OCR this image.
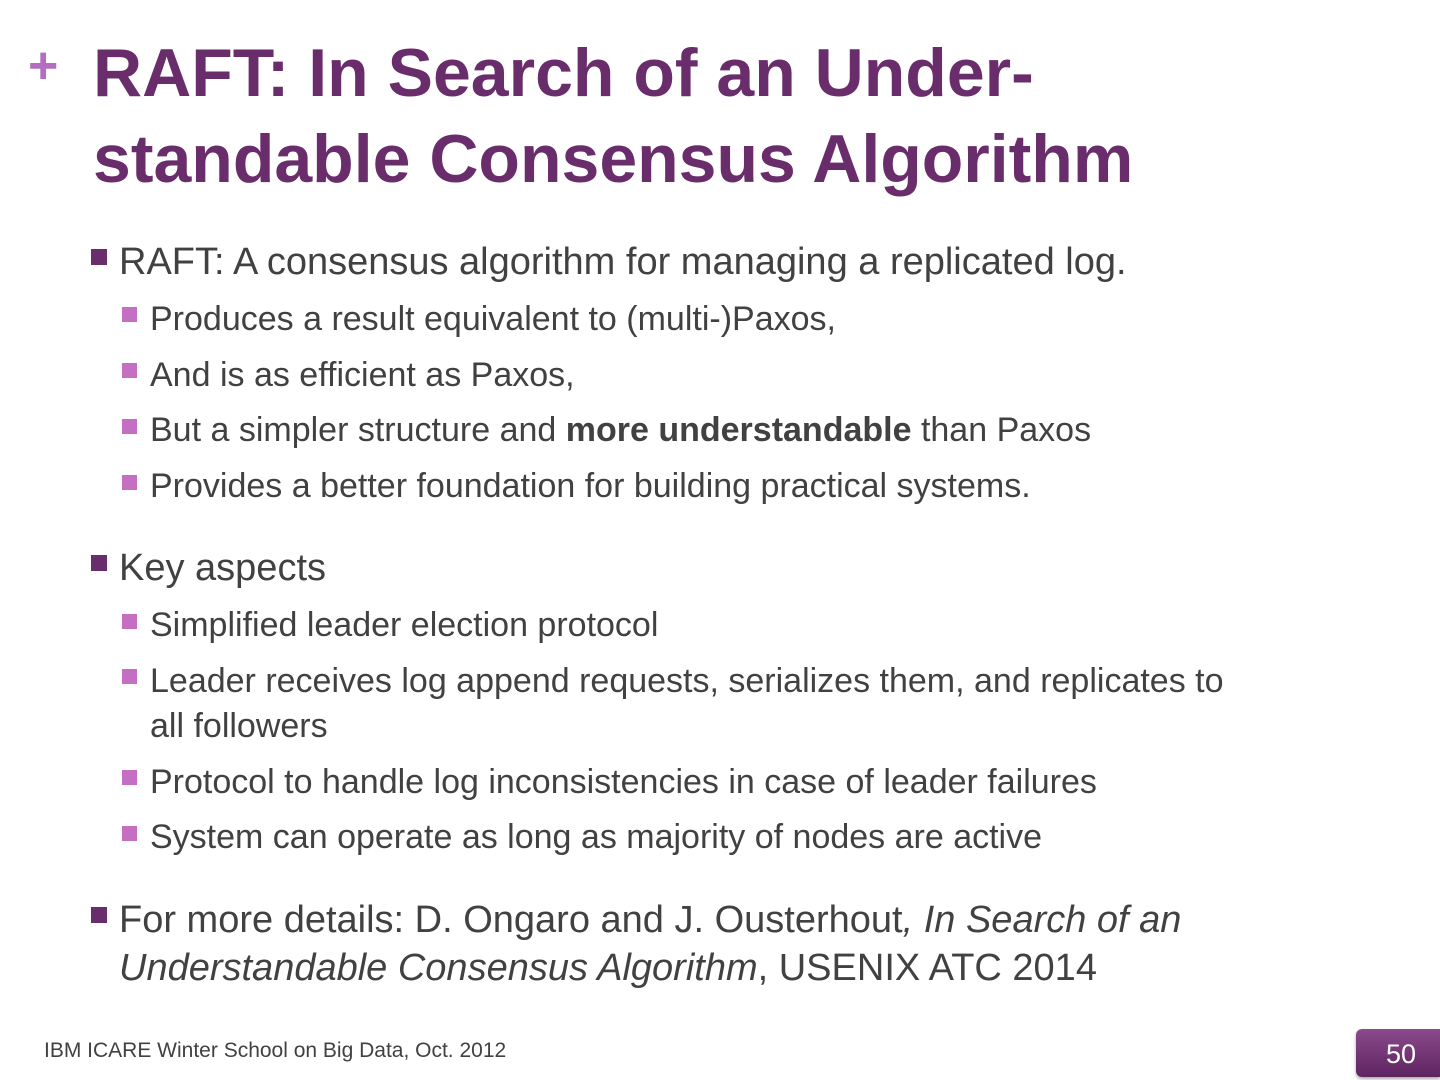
+ RAFT: In Search of an Under-
standable Consensus Algorithm
RAFT: A consensus algorithm for managing a replicated log.
Produces a result equivalent to (multi-)Paxos,
And is as efficient as Paxos,
But a simpler structure and more understandable than Paxos
Provides a better foundation for building practical systems.
Key aspects
Simplified leader election protocol
Leader receives log append requests, serializes them, and replicates to
all followers
Protocol to handle log inconsistencies in case of leader failures
System can operate as long as majority of nodes are active
For more details: D. Ongaro and J. Ousterhout, In Search of an
Understandable Consensus Algorithm, USENIX ATC 2014
IBM ICARE Winter School on Big Data, Oct. 2012	50
